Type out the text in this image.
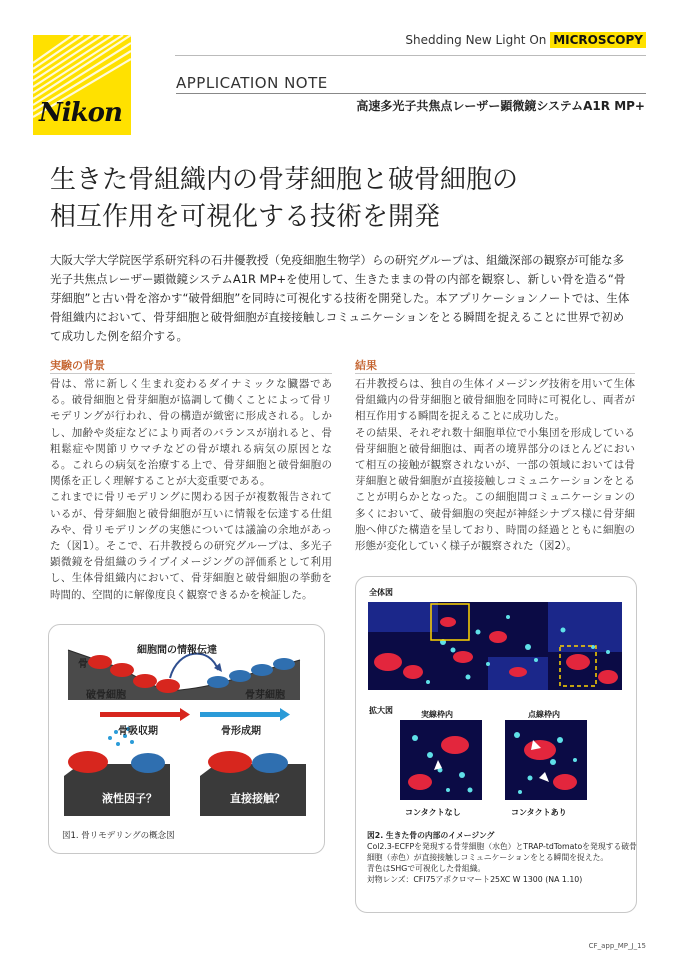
Nikon
Shedding New Light On MICROSCOPY
APPLICATION NOTE
高速多光子共焦点レーザー顕微鏡システムA1R MP+
生きた骨組織内の骨芽細胞と破骨細胞の
相互作用を可視化する技術を開発
大阪大学大学院医学系研究科の石井優教授（免疫細胞生物学）らの研究グループは、組織深部の観察が可能な多光子共焦点レーザー顕微鏡システムA1R MP+を使用して、生きたままの骨の内部を観察し、新しい骨を造る“骨芽細胞”と古い骨を溶かす“破骨細胞”を同時に可視化する技術を開発した。本アプリケーションノートでは、生体骨組織内において、骨芽細胞と破骨細胞が直接接触しコミュニケーションをとる瞬間を捉えることに世界で初めて成功した例を紹介する。
実験の背景

骨は、常に新しく生まれ変わるダイナミックな臓器である。破骨細胞と骨芽細胞が協調して働くことによって骨リモデリングが行われ、骨の構造が緻密に形成される。しかし、加齢や炎症などにより両者のバランスが崩れると、骨粗鬆症や関節リウマチなどの骨が壊れる病気の原因となる。これらの病気を治療する上で、骨芽細胞と破骨細胞の関係を正しく理解することが大変重要である。

これまでに骨リモデリングに関わる因子が複数報告されているが、骨芽細胞と破骨細胞が互いに情報を伝達する仕組みや、骨リモデリングの実態については議論の余地があった（図1）。そこで、石井教授らの研究グループは、多光子顕微鏡を骨組織のライブイメージングの評価系として利用し、生体骨組織内において、骨芽細胞と破骨細胞の挙動を時間的、空間的に解像度良く観察できるかを検証した。

結果

石井教授らは、独自の生体イメージング技術を用いて生体骨組織内の骨芽細胞と破骨細胞を同時に可視化し、両者が相互作用する瞬間を捉えることに成功した。

その結果、それぞれ数十細胞単位で小集団を形成している骨芽細胞と破骨細胞は、両者の境界部分のほとんどにおいて相互の接触が観察されないが、一部の領域においては骨芽細胞と破骨細胞が直接接触しコミュニケーションをとることが明らかとなった。この細胞間コミュニケーションの多くにおいて、破骨細胞の突起が神経シナプス様に骨芽細胞へ伸びた構造を呈しており、時間の経過とともに細胞の形態が変化していく様子が観察された（図2）。

細胞間の情報伝達
骨
破骨細胞	骨芽細胞
骨吸収期	骨形成期
液性因子？	直接接触？
図1. 骨リモデリングの概念図
全体図
拡大図	実線枠内	点線枠内
コンタクトなし	コンタクトあり
図2. 生きた骨の内部のイメージング
Col2.3-ECFPを発現する骨芽細胞（水色）とTRAP-tdTomatoを発現する破骨細胞（赤色）が直接接触しコミュニケーションをとる瞬間を捉えた。
青色はSHGで可視化した骨組織。
対物レンズ：CFI75アポクロマート25XC W 1300 (NA 1.10)
CF_app_MP_J_15
